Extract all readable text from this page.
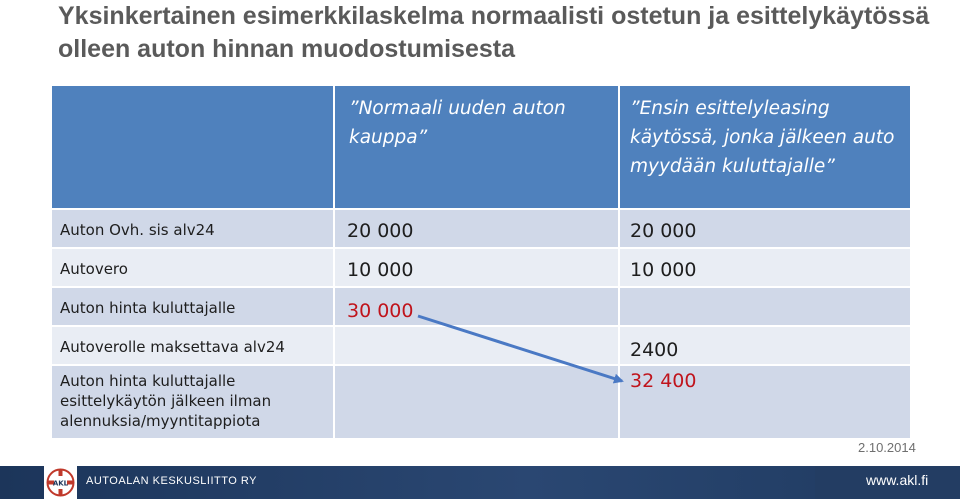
Yksinkertainen esimerkkilaskelma normaalisti ostetun ja esittelykäytössä olleen auton hinnan muodostumisesta

	”Normaali uuden auton kauppa”	”Ensin esittelyleasing käytössä, jonka jälkeen auto myydään kuluttajalle”

Auton Ovh. sis alv24	20 000	20 000

Autovero	10 000	10 000

Auton hinta kuluttajalle	30 000	

Autoverolle maksettava alv24		2400

Auton hinta kuluttajalle esittelykäytön jälkeen ilman alennuksia/myyntitappiota		32 400
2.10.2014
AKL AUTOALAN KESKUSLIITTO RY	www.akl.fi
